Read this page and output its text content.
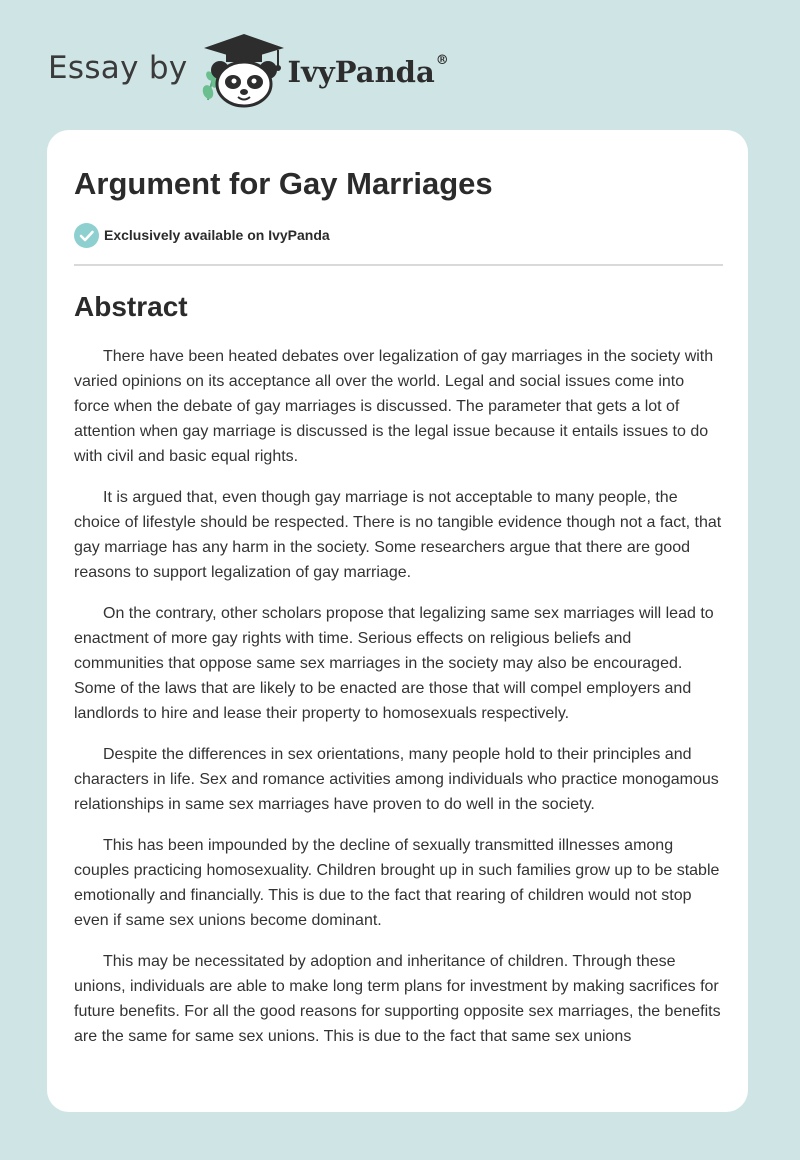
Essay by	IvyPanda®
Argument for Gay Marriages
Exclusively available on IvyPanda
Abstract

There have been heated debates over legalization of gay marriages in the society with varied opinions on its acceptance all over the world. Legal and social issues come into force when the debate of gay marriages is discussed. The parameter that gets a lot of attention when gay marriage is discussed is the legal issue because it entails issues to do with civil and basic equal rights.

It is argued that, even though gay marriage is not acceptable to many people, the choice of lifestyle should be respected. There is no tangible evidence though not a fact, that gay marriage has any harm in the society. Some researchers argue that there are good reasons to support legalization of gay marriage.

On the contrary, other scholars propose that legalizing same sex marriages will lead to enactment of more gay rights with time. Serious effects on religious beliefs and communities that oppose same sex marriages in the society may also be encouraged. Some of the laws that are likely to be enacted are those that will compel employers and landlords to hire and lease their property to homosexuals respectively.

Despite the differences in sex orientations, many people hold to their principles and characters in life. Sex and romance activities among individuals who practice monogamous relationships in same sex marriages have proven to do well in the society.

This has been impounded by the decline of sexually transmitted illnesses among couples practicing homosexuality. Children brought up in such families grow up to be stable emotionally and financially. This is due to the fact that rearing of children would not stop even if same sex unions become dominant.

This may be necessitated by adoption and inheritance of children. Through these unions, individuals are able to make long term plans for investment by making sacrifices for future benefits. For all the good reasons for supporting opposite sex marriages, the benefits are the same for same sex unions. This is due to the fact that same sex unions
